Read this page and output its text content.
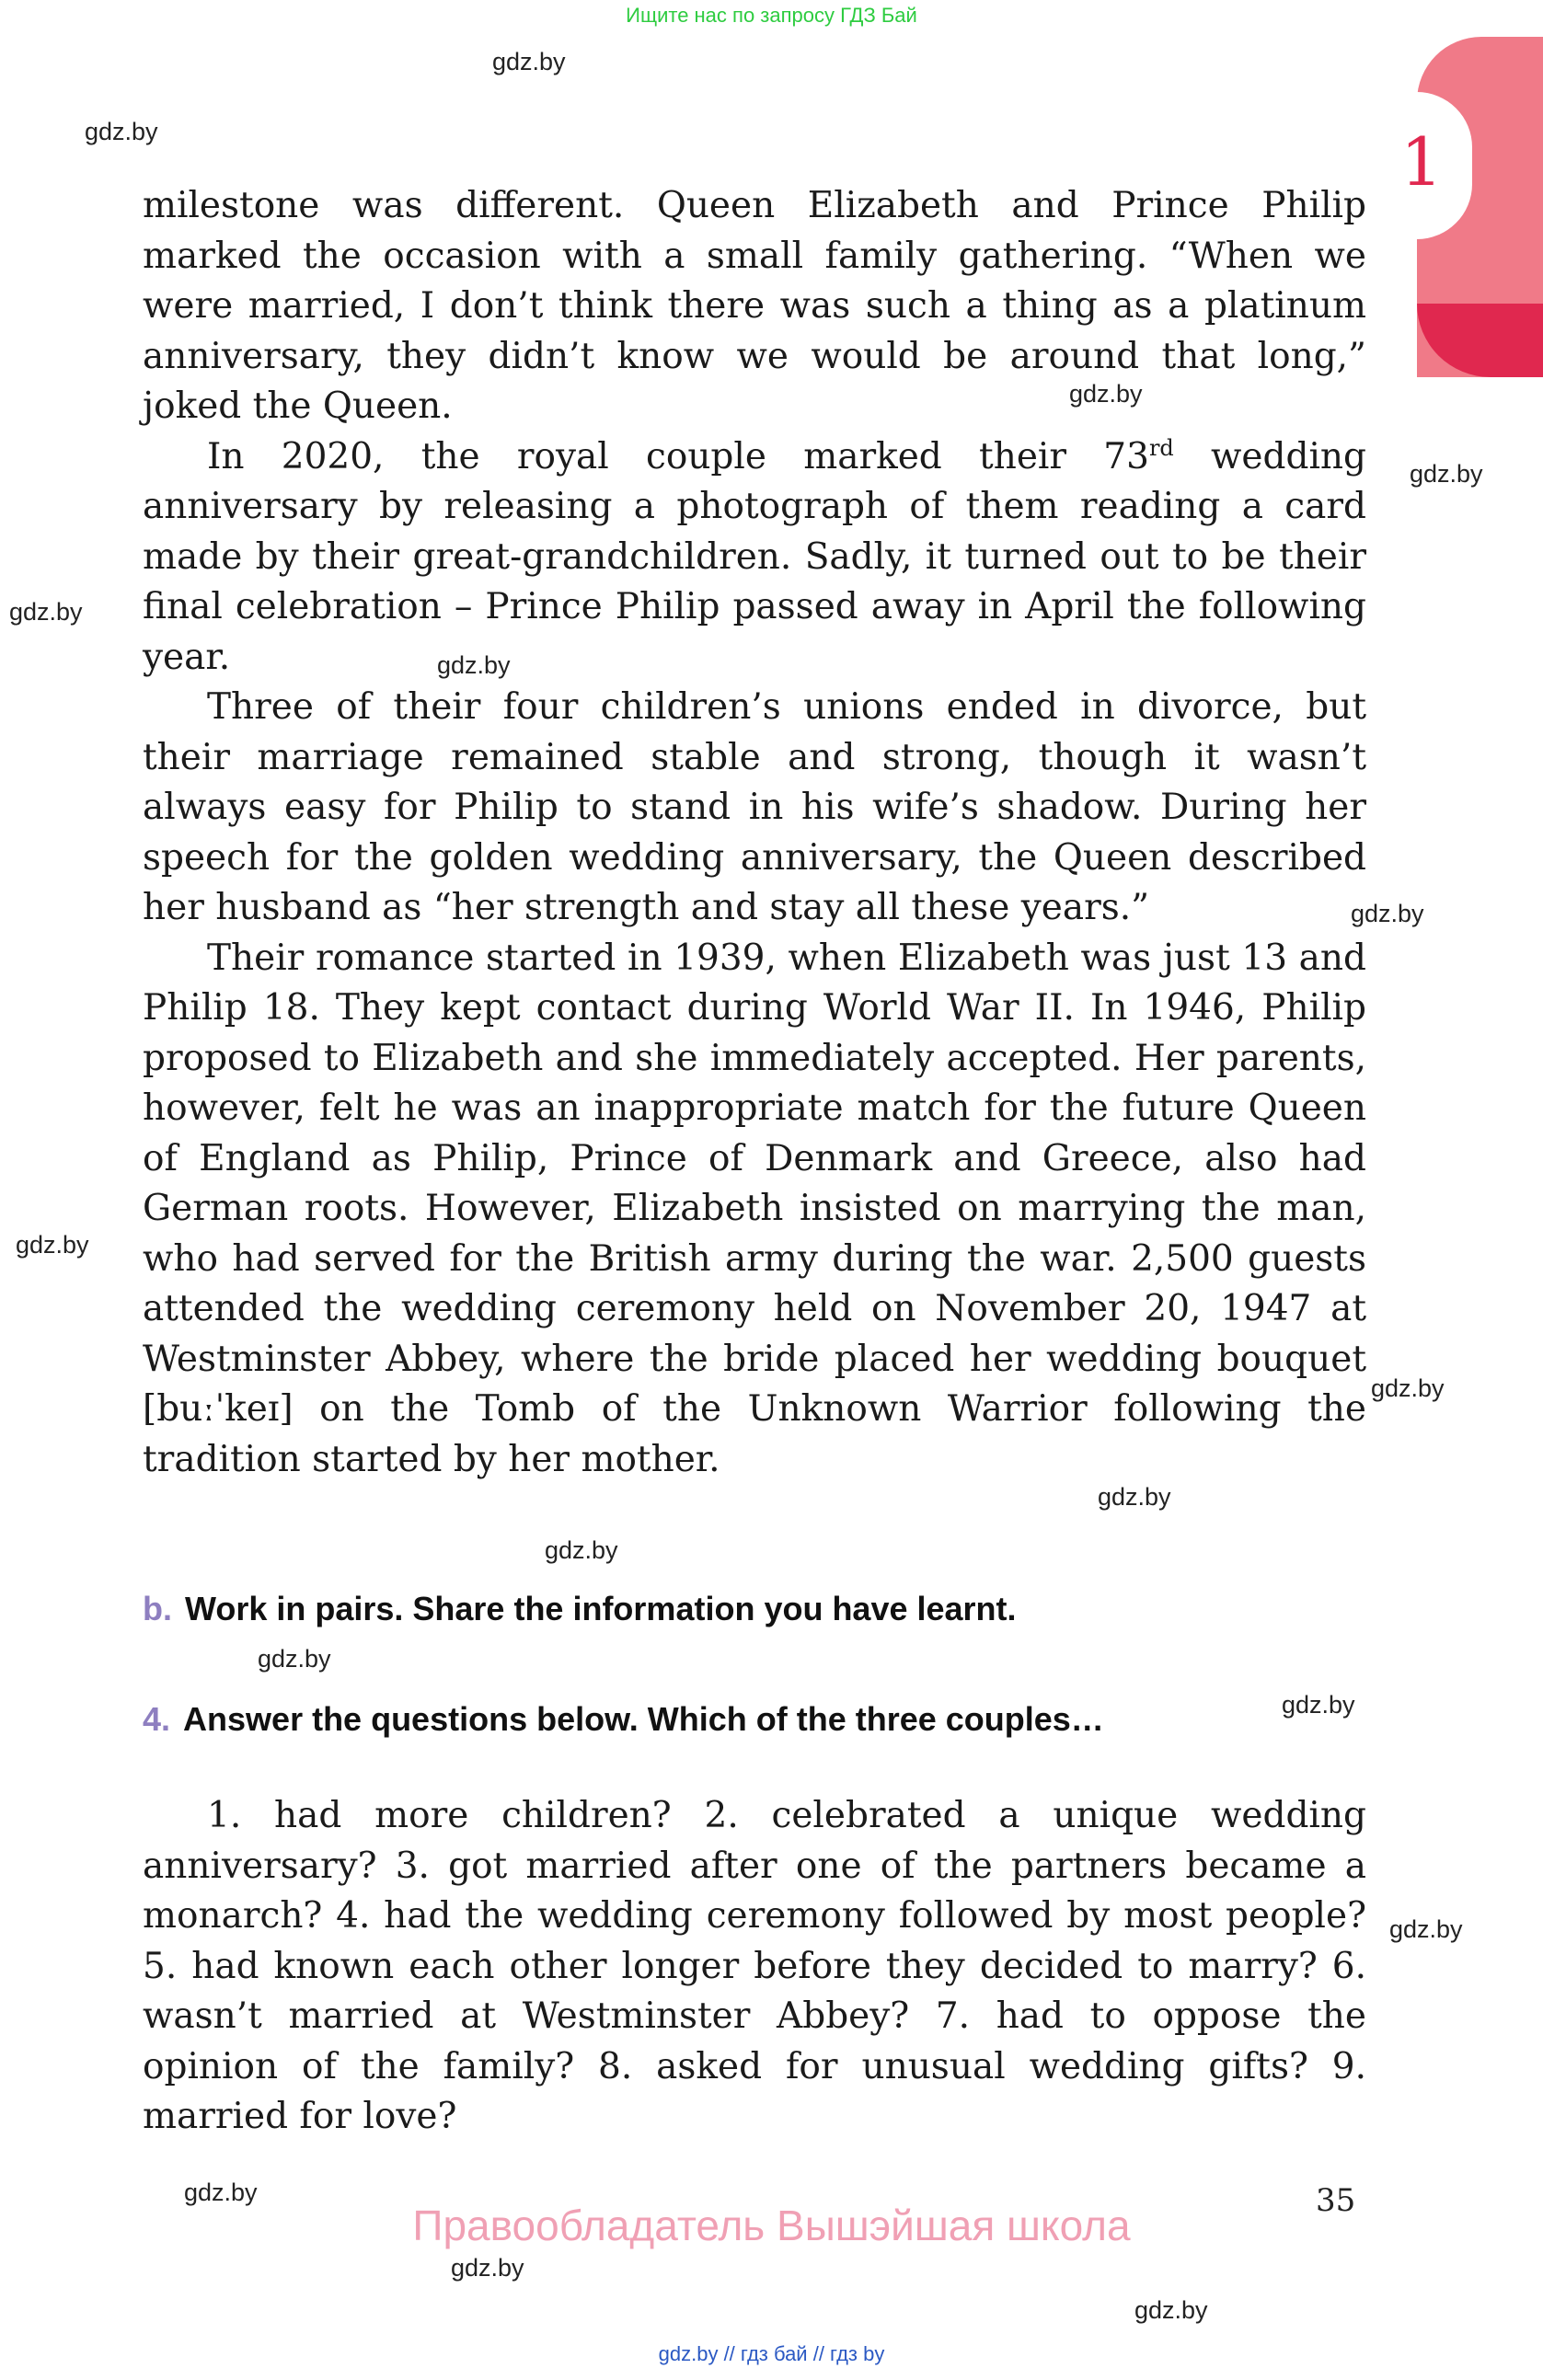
Ищите нас по запросу ГДЗ Бай
1
gdz.by
gdz.by
gdz.by
gdz.by
gdz.by
gdz.by
gdz.by
gdz.by
gdz.by
gdz.by
gdz.by
gdz.by
gdz.by
gdz.by
gdz.by
gdz.by
gdz.by

milestone was different. Queen Elizabeth and Prince Philip marked the occasion with a small family gathering. “When we were married, I don’t think there was such a thing as a platinum anniversary, they didn’t know we would be around that long,” joked the Queen.

In 2020, the royal couple marked their 73rd wedding anniversary by releasing a photograph of them reading a card made by their great-grandchildren. Sadly, it turned out to be their final celebration – Prince Philip passed away in April the following year.

Three of their four children’s unions ended in divorce, but their marriage remained stable and strong, though it wasn’t always easy for Philip to stand in his wife’s shadow. During her speech for the golden wedding anniversary, the Queen described her husband as “her strength and stay all these years.”

Their romance started in 1939, when Elizabeth was just 13 and Philip 18. They kept contact during World War II. In 1946, Philip proposed to Elizabeth and she immediately accepted. Her parents, however, felt he was an inappropriate match for the future Queen of England as Philip, Prince of Denmark and Greece, also had German roots. However, Elizabeth insisted on marrying the man, who had served for the British army during the war. 2,500 guests attended the wedding ceremony held on November 20, 1947 at Westminster Abbey, where the bride placed her wedding bouquet [buːˈkeɪ] on the Tomb of the Unknown Warrior following the tradition started by her mother.

b. Work in pairs. Share the information you have learnt.
4. Answer the questions below. Which of the three couples…
1. had more children? 2. celebrated a unique wedding anniversary? 3. got married after one of the partners became a monarch? 4. had the wedding ceremony followed by most people? 5. had known each other longer before they decided to marry? 6. wasn’t married at Westminster Abbey? 7. had to oppose the opinion of the family? 8. asked for unusual wedding gifts? 9. married for love?
35
Правообладатель Вышэйшая школа
gdz.by // гдз бай // гдз by
